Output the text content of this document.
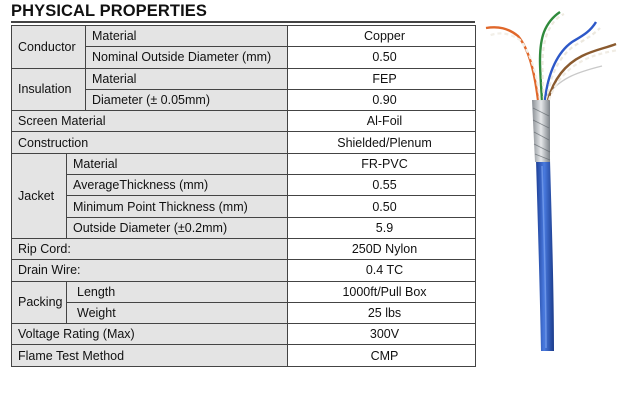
PHYSICAL PROPERTIES
Conductor		Material	Copper
		Nominal Outside Diameter (mm)	0.50
Insulation		Material	FEP
		Diameter (± 0.05mm)	0.90
Screen Material			Al-Foil
Construction			Shielded/Plenum
Jacket	Material		FR-PVC
	AverageThickness (mm)		0.55
	Minimum Point Thickness (mm)		0.50
	Outside Diameter (±0.2mm)		5.9
Rip Cord:			250D Nylon
Drain Wire:			0.4 TC
Packing	Length		1000ft/Pull Box
	Weight		25 lbs
Voltage Rating (Max)			300V
Flame Test Method			CMP
